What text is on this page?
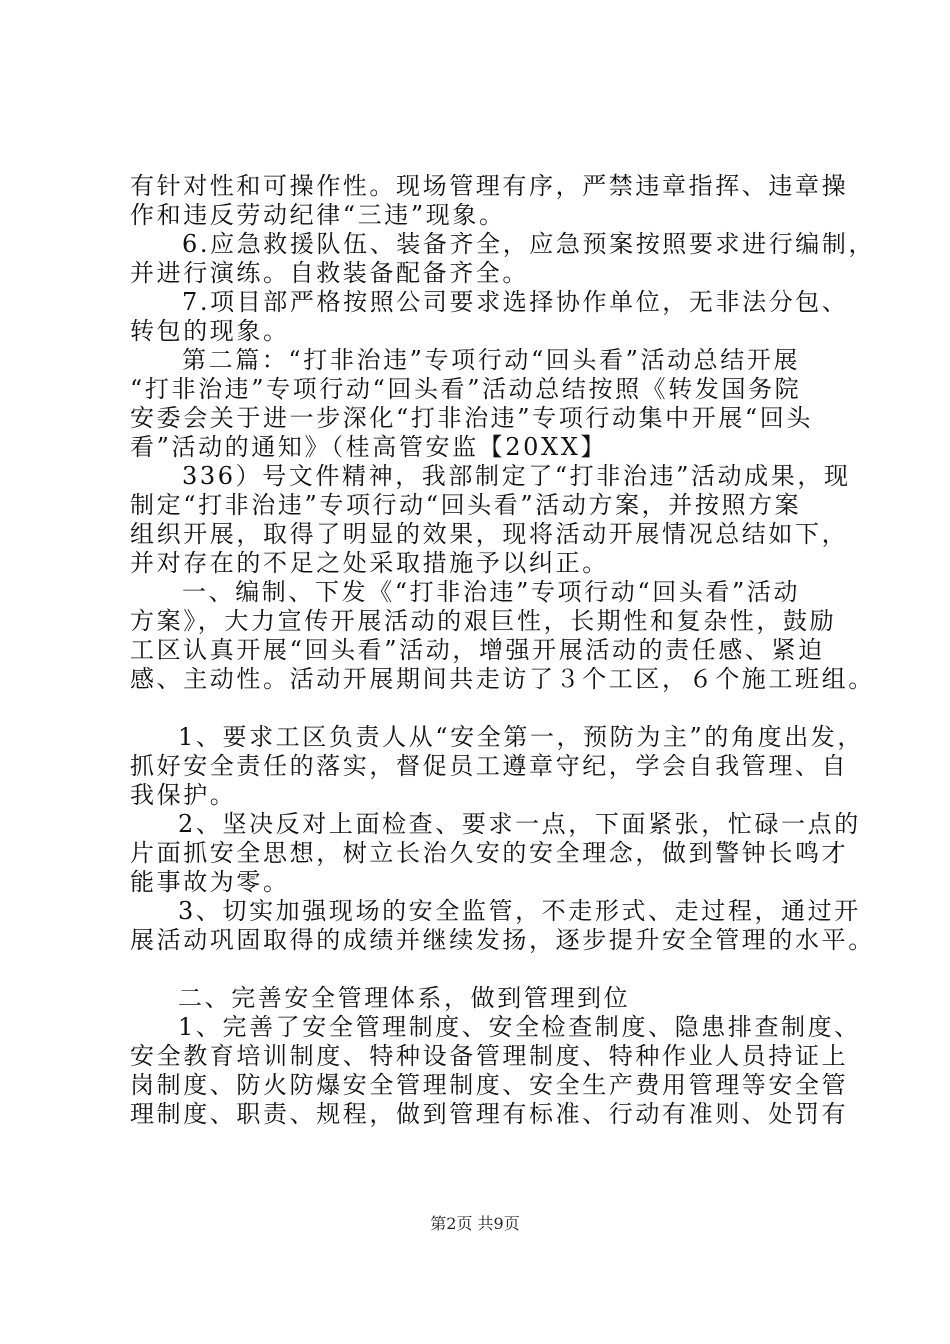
有针对性和可操作性。现场管理有序，严禁违章指挥、违章操
作和违反劳动纪律“三违”现象。
6.应急救援队伍、装备齐全，应急预案按照要求进行编制，
并进行演练。自救装备配备齐全。
7.项目部严格按照公司要求选择协作单位，无非法分包、
转包的现象。
第二篇：“打非治违”专项行动“回头看”活动总结开展
“打非治违”专项行动“回头看”活动总结按照《转发国务院
安委会关于进一步深化“打非治违”专项行动集中开展“回头
看”活动的通知》（桂高管安监【20XX】
336）号文件精神，我部制定了“打非治违”活动成果，现
制定“打非治违”专项行动“回头看”活动方案，并按照方案
组织开展，取得了明显的效果，现将活动开展情况总结如下，
并对存在的不足之处采取措施予以纠正。
一、编制、下发《“打非治违”专项行动“回头看”活动
方案》，大力宣传开展活动的艰巨性，长期性和复杂性，鼓励
工区认真开展“回头看”活动，增强开展活动的责任感、紧迫
感、主动性。活动开展期间共走访了３个工区，６个施工班组。
1、要求工区负责人从“安全第一，预防为主”的角度出发，
抓好安全责任的落实，督促员工遵章守纪，学会自我管理、自
我保护。
2、坚决反对上面检查、要求一点，下面紧张，忙碌一点的
片面抓安全思想，树立长治久安的安全理念，做到警钟长鸣才
能事故为零。
3、切实加强现场的安全监管，不走形式、走过程，通过开
展活动巩固取得的成绩并继续发扬，逐步提升安全管理的水平。
二、完善安全管理体系，做到管理到位
1、完善了安全管理制度、安全检查制度、隐患排查制度、
安全教育培训制度、特种设备管理制度、特种作业人员持证上
岗制度、防火防爆安全管理制度、安全生产费用管理等安全管
理制度、职责、规程，做到管理有标准、行动有准则、处罚有
第2页 共9页
